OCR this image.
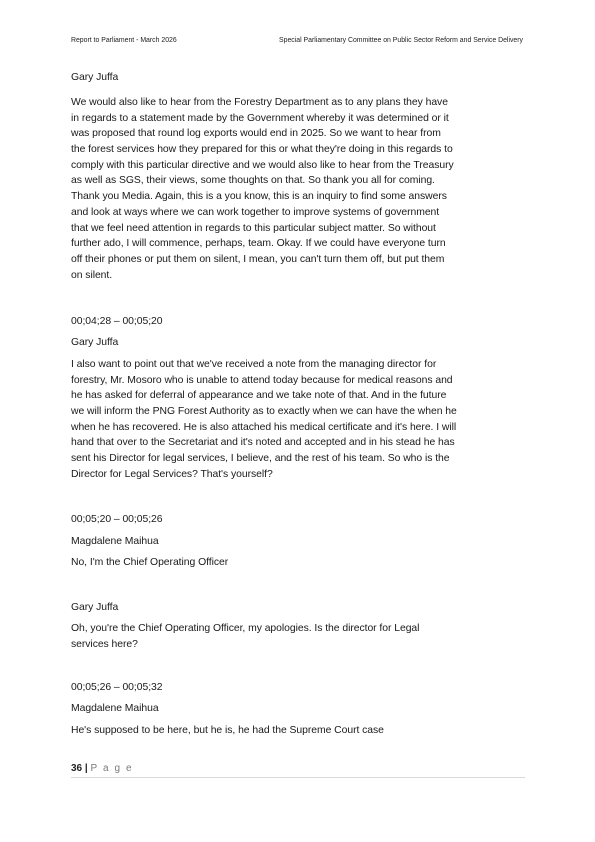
Report to Parliament - March 2026	Special Parliamentary Committee on Public Sector Reform and Service Delivery
Gary Juffa
We would also like to hear from the Forestry Department as to any plans they have
in regards to a statement made by the Government whereby it was determined or it
was proposed that round log exports would end in 2025. So we want to hear from
the forest services how they prepared for this or what they're doing in this regards to
comply with this particular directive and we would also like to hear from the Treasury
as well as SGS, their views, some thoughts on that. So thank you all for coming.
Thank you Media. Again, this is a you know, this is an inquiry to find some answers
and look at ways where we can work together to improve systems of government
that we feel need attention in regards to this particular subject matter. So without
further ado, I will commence, perhaps, team. Okay. If we could have everyone turn
off their phones or put them on silent, I mean, you can't turn them off, but put them
on silent.
00;04;28 – 00;05;20
Gary Juffa
I also want to point out that we've received a note from the managing director for
forestry, Mr. Mosoro who is unable to attend today because for medical reasons and
he has asked for deferral of appearance and we take note of that. And in the future
we will inform the PNG Forest Authority as to exactly when we can have the when he
when he has recovered. He is also attached his medical certificate and it's here. I will
hand that over to the Secretariat and it's noted and accepted and in his stead he has
sent his Director for legal services, I believe, and the rest of his team. So who is the
Director for Legal Services? That's yourself?
00;05;20 – 00;05;26
Magdalene Maihua
No, I'm the Chief Operating Officer
Gary Juffa
Oh, you're the Chief Operating Officer, my apologies. Is the director for Legal
services here?
00;05;26 – 00;05;32
Magdalene Maihua
He's supposed to be here, but he is, he had the Supreme Court case
36 | P a g e
